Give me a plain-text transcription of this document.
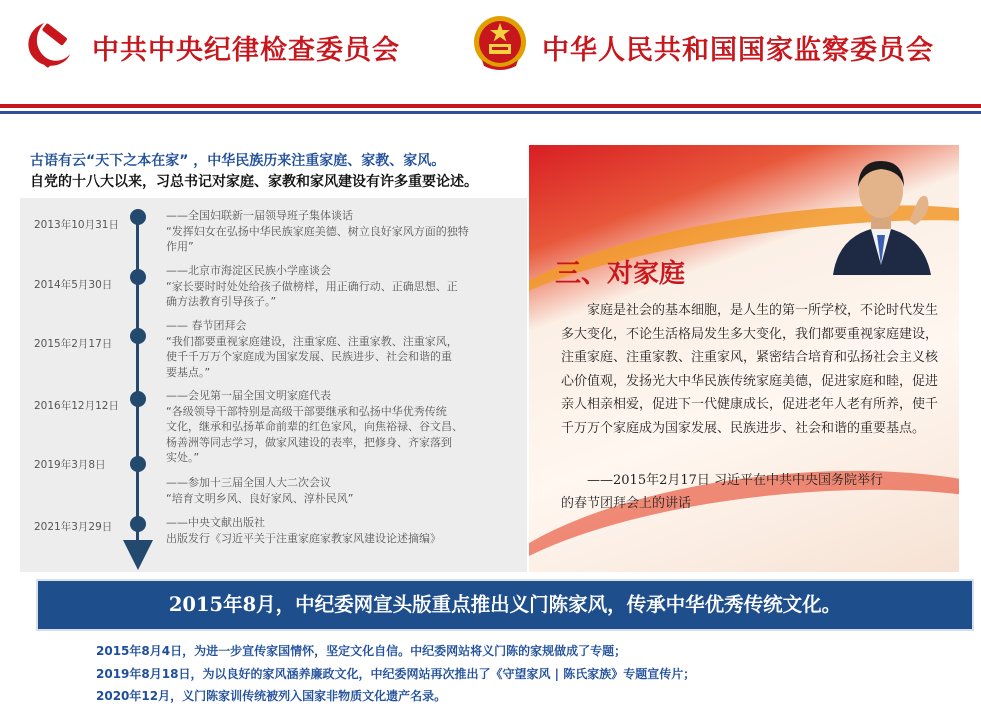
中共中央纪律检查委员会	中华人民共和国国家监察委员会
古语有云“天下之本在家” ，中华民族历来注重家庭、家教、家风。
自党的十八大以来，习总书记对家庭、家教和家风建设有许多重要论述。
2013年10月31日
——全国妇联新一届领导班子集体谈话
“发挥妇女在弘扬中华民族家庭美德、树立良好家风方面的独特
作用”
2014年5月30日
——北京市海淀区民族小学座谈会
“家长要时时处处给孩子做榜样，用正确行动、正确思想、正
确方法教育引导孩子。”
2015年2月17日
—— 春节团拜会
“我们都要重视家庭建设，注重家庭、注重家教、注重家风，
使千千万万个家庭成为国家发展、民族进步、社会和谐的重
要基点。”
2016年12月12日
——会见第一届全国文明家庭代表
“各级领导干部特别是高级干部要继承和弘扬中华优秀传统
文化，继承和弘扬革命前辈的红色家风，向焦裕禄、谷文昌、
杨善洲等同志学习，做家风建设的表率，把修身、齐家落到
实处。”
2019年3月8日
——参加十三届全国人大二次会议
“培育文明乡风、良好家风、淳朴民风”
2021年3月29日	——中央文献出版社
出版发行《习近平关于注重家庭家教家风建设论述摘编》
三、对家庭
家庭是社会的基本细胞，是人生的第一所学校，不论时代发生多大变化，不论生活格局发生多大变化，我们都要重视家庭建设，注重家庭、注重家教、注重家风，紧密结合培育和弘扬社会主义核心价值观，发扬光大中华民族传统家庭美德，促进家庭和睦，促进亲人相亲相爱，促进下一代健康成长，促进老年人老有所养，使千千万万个家庭成为国家发展、民族进步、社会和谐的重要基点。
——2015年2月17日 习近平在中共中央国务院举行
的春节团拜会上的讲话
2015年8月，中纪委网宣头版重点推出义门陈家风，传承中华优秀传统文化。
2015年8月4日，为进一步宣传家国情怀，坚定文化自信。中纪委网站将义门陈的家规做成了专题；
2019年8月18日，为以良好的家风涵养廉政文化，中纪委网站再次推出了《守望家风 | 陈氏家族》专题宣传片；
2020年12月，义门陈家训传统被列入国家非物质文化遗产名录。
